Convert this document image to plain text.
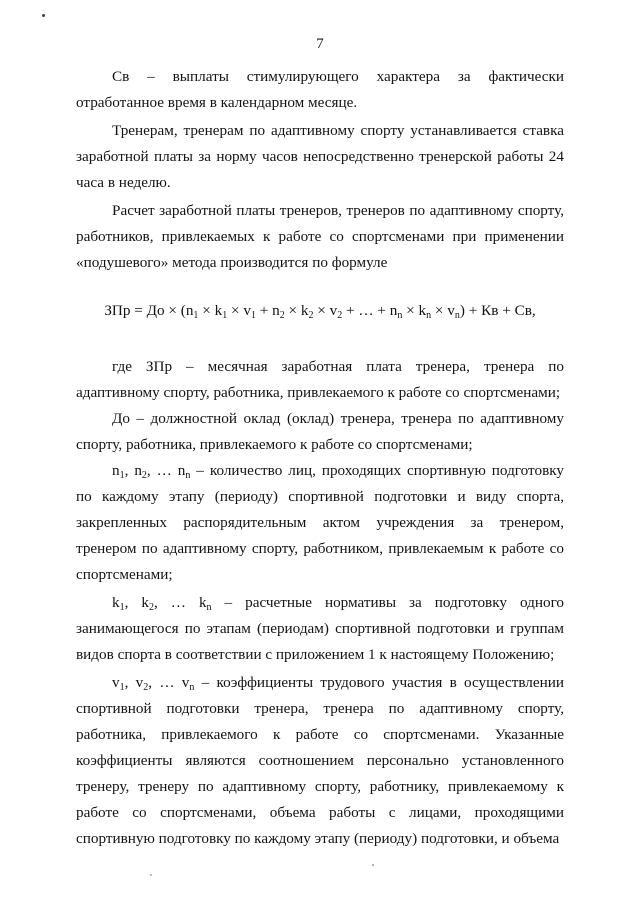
7
Св – выплаты стимулирующего характера за фактически отработанное время в календарном месяце.
Тренерам, тренерам по адаптивному спорту устанавливается ставка заработной платы за норму часов непосредственно тренерской работы 24 часа в неделю.
Расчет заработной платы тренеров, тренеров по адаптивному спорту, работников, привлекаемых к работе со спортсменами при применении «подушевого» метода производится по формуле
ЗПр = До × ($n_1 \times k_1 \times v_1 + n_2 \times k_2 \times v_2$ + … + $n_n \times k_n \times v_n$) + Кв + Св,
где ЗПр – месячная заработная плата тренера, тренера по адаптивному спорту, работника, привлекаемого к работе со спортсменами;
До – должностной оклад (оклад) тренера, тренера по адаптивному спорту, работника, привлекаемого к работе со спортсменами;
$n_1$, $n_2$, … $n_n$ – количество лиц, проходящих спортивную подготовку по каждому этапу (периоду) спортивной подготовки и виду спорта, закрепленных распорядительным актом учреждения за тренером, тренером по адаптивному спорту, работником, привлекаемым к работе со спортсменами;
$k_1$, $k_2$, … $k_n$ – расчетные нормативы за подготовку одного занимающегося по этапам (периодам) спортивной подготовки и группам видов спорта в соответствии с приложением 1 к настоящему Положению;
$v_1$, $v_2$, … $v_n$ – коэффициенты трудового участия в осуществлении спортивной подготовки тренера, тренера по адаптивному спорту, работника, привлекаемого к работе со спортсменами. Указанные коэффициенты являются соотношением персонально установленного тренеру, тренеру по адаптивному спорту, работнику, привлекаемому к работе со спортсменами, объема работы с лицами, проходящими спортивную подготовку по каждому этапу (периоду) подготовки, и объема
